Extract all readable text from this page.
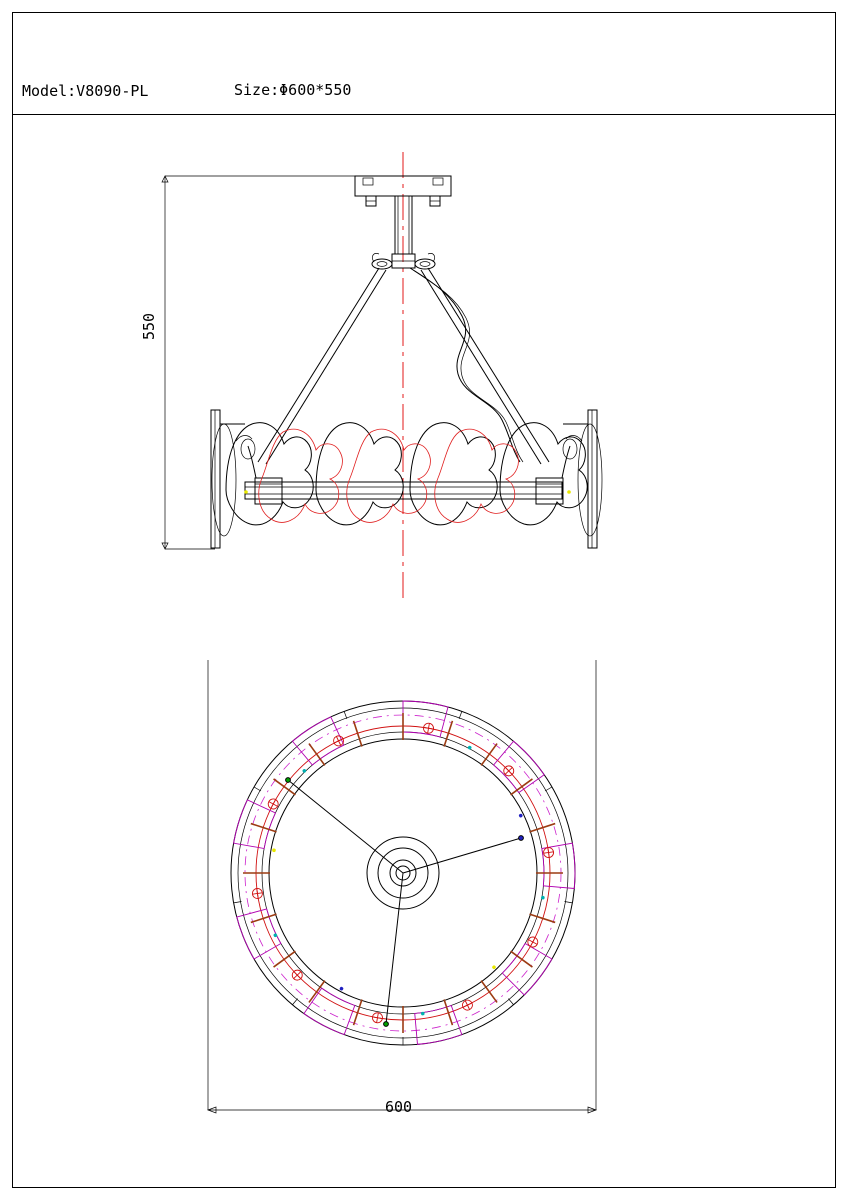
Model:V8090-PL	Size:Φ600*550
550
600
